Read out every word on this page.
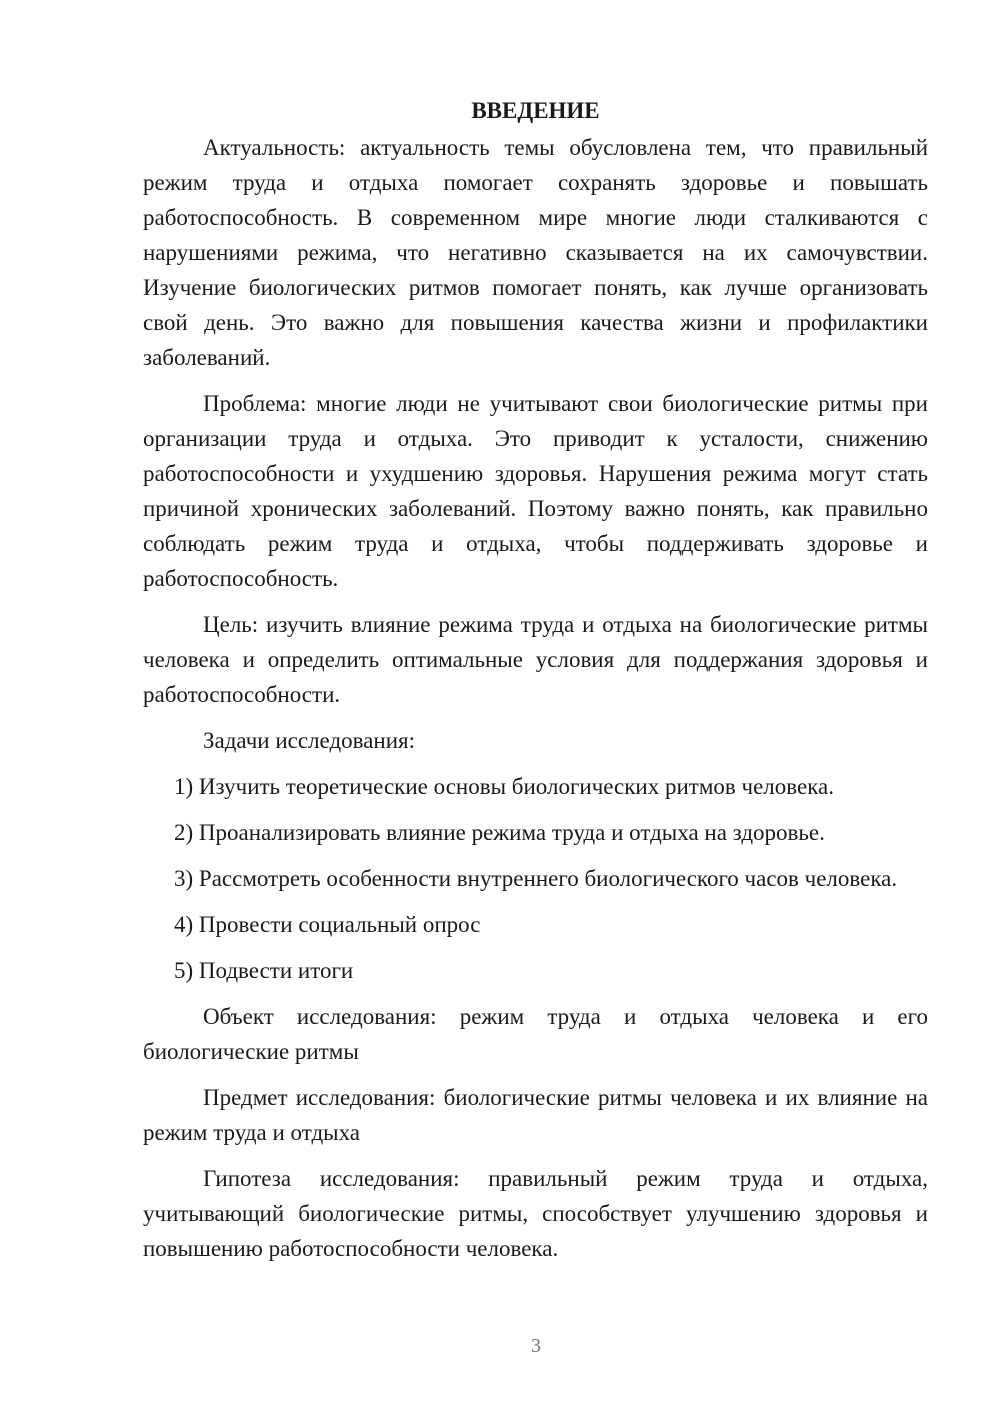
ВВЕДЕНИЕ

Актуальность: актуальность темы обусловлена тем, что правильный режим труда и отдыха помогает сохранять здоровье и повышать работоспособность. В современном мире многие люди сталкиваются с нарушениями режима, что негативно сказывается на их самочувствии. Изучение биологических ритмов помогает понять, как лучше организовать свой день. Это важно для повышения качества жизни и профилактики заболеваний.

Проблема: многие люди не учитывают свои биологические ритмы при организации труда и отдыха. Это приводит к усталости, снижению работоспособности и ухудшению здоровья. Нарушения режима могут стать причиной хронических заболеваний. Поэтому важно понять, как правильно соблюдать режим труда и отдыха, чтобы поддерживать здоровье и работоспособность.

Цель: изучить влияние режима труда и отдыха на биологические ритмы человека и определить оптимальные условия для поддержания здоровья и работоспособности.

Задачи исследования:

1) Изучить теоретические основы биологических ритмов человека.

2) Проанализировать влияние режима труда и отдыха на здоровье.

3) Рассмотреть особенности внутреннего биологического часов человека.

4) Провести социальный опрос

5) Подвести итоги

Объект исследования: режим труда и отдыха человека и его биологические ритмы

Предмет исследования: биологические ритмы человека и их влияние на режим труда и отдыха

Гипотеза исследования: правильный режим труда и отдыха, учитывающий биологические ритмы, способствует улучшению здоровья и повышению работоспособности человека.

3
